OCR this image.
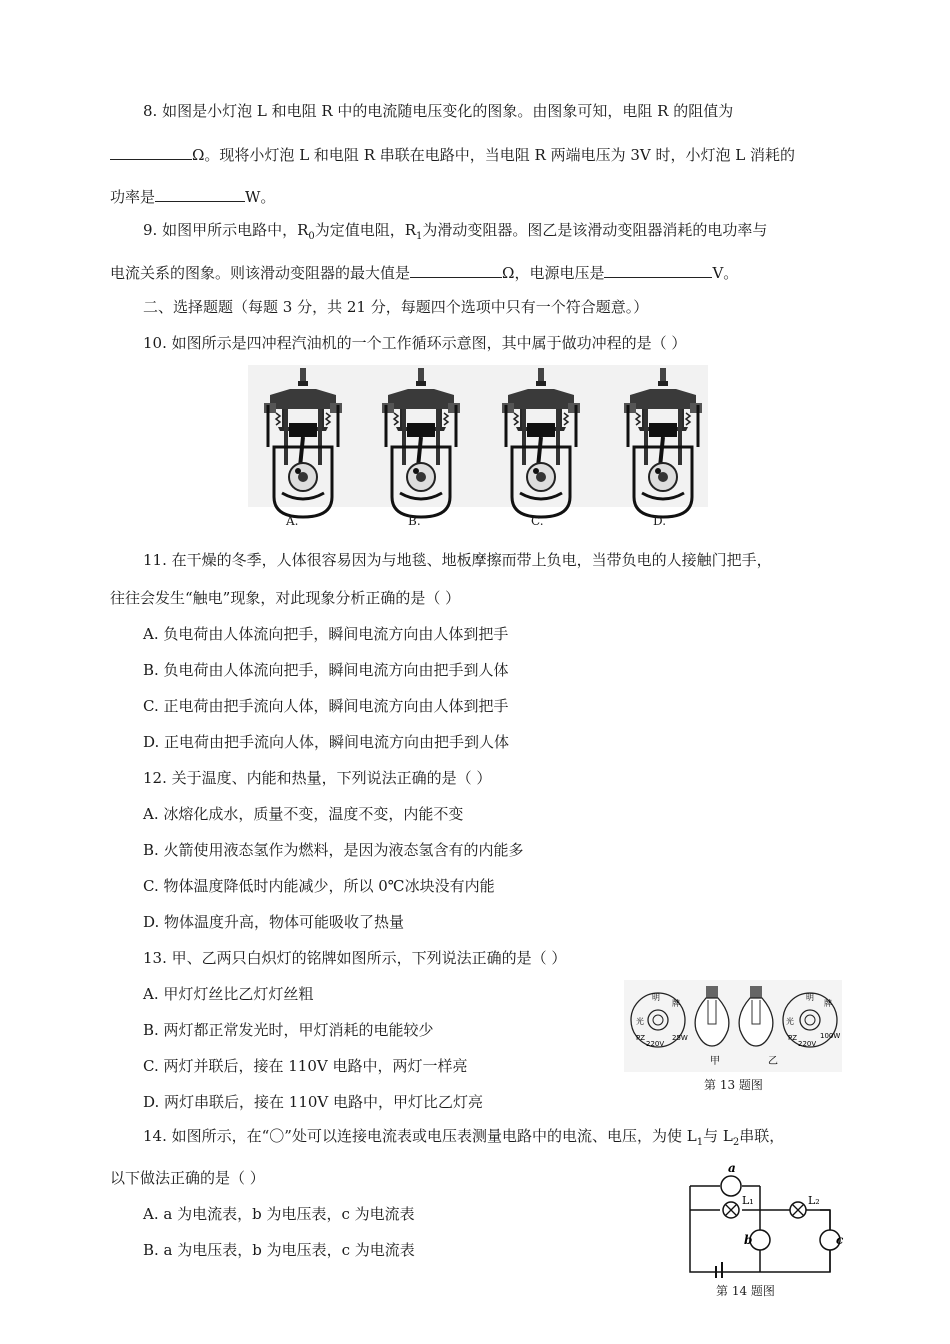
8. 如图是小灯泡 L 和电阻 R 中的电流随电压变化的图象。由图象可知，电阻 R 的阻值为
Ω。现将小灯泡 L 和电阻 R 串联在电路中，当电阻 R 两端电压为 3V 时，小灯泡 L 消耗的
功率是	W。
9. 如图甲所示电路中，$R_0$为定值电阻，$R_1$为滑动变阻器。图乙是该滑动变阻器消耗的电功率与
电流关系的图象。则该滑动变阻器的最大值是	Ω，电源电压是	V。
二、选择题题（每题 3 分，共 21 分，每题四个选项中只有一个符合题意。）
10. 如图所示是四冲程汽油机的一个工作循环示意图，其中属于做功冲程的是（ ）
A.	B.	C.	D.
11. 在干燥的冬季，人体很容易因为与地毯、地板摩擦而带上负电，当带负电的人接触门把手，
往往会发生“触电”现象，对此现象分析正确的是（ ）
A. 负电荷由人体流向把手，瞬间电流方向由人体到把手
B. 负电荷由人体流向把手，瞬间电流方向由把手到人体
C. 正电荷由把手流向人体，瞬间电流方向由人体到把手
D. 正电荷由把手流向人体，瞬间电流方向由把手到人体
12. 关于温度、内能和热量，下列说法正确的是（ ）
A. 冰熔化成水，质量不变，温度不变，内能不变
B. 火箭使用液态氢作为燃料，是因为液态氢含有的内能多
C. 物体温度降低时内能减少，所以 0℃冰块没有内能
D. 物体温度升高，物体可能吸收了热量
13. 甲、乙两只白炽灯的铭牌如图所示，下列说法正确的是（ ）
A. 甲灯灯丝比乙灯灯丝粗
B. 两灯都正常发光时，甲灯消耗的电能较少
C. 两灯并联后，接在 110V 电路中，两灯一样亮
D. 两灯串联后，接在 110V 电路中，甲灯比乙灯亮
光
明
牌
PZ
220V
25W
明
光
牌
PZ
220V
100W
甲	乙
第 13 题图
14. 如图所示，在“〇”处可以连接电流表或电压表测量电路中的电流、电压，为使 $L_1$与 $L_2$串联，
以下做法正确的是（ ）
A. a 为电流表，b 为电压表，c 为电流表
B. a 为电压表，b 为电压表，c 为电流表
a
L₁	L₂
b	c
第 14 题图
